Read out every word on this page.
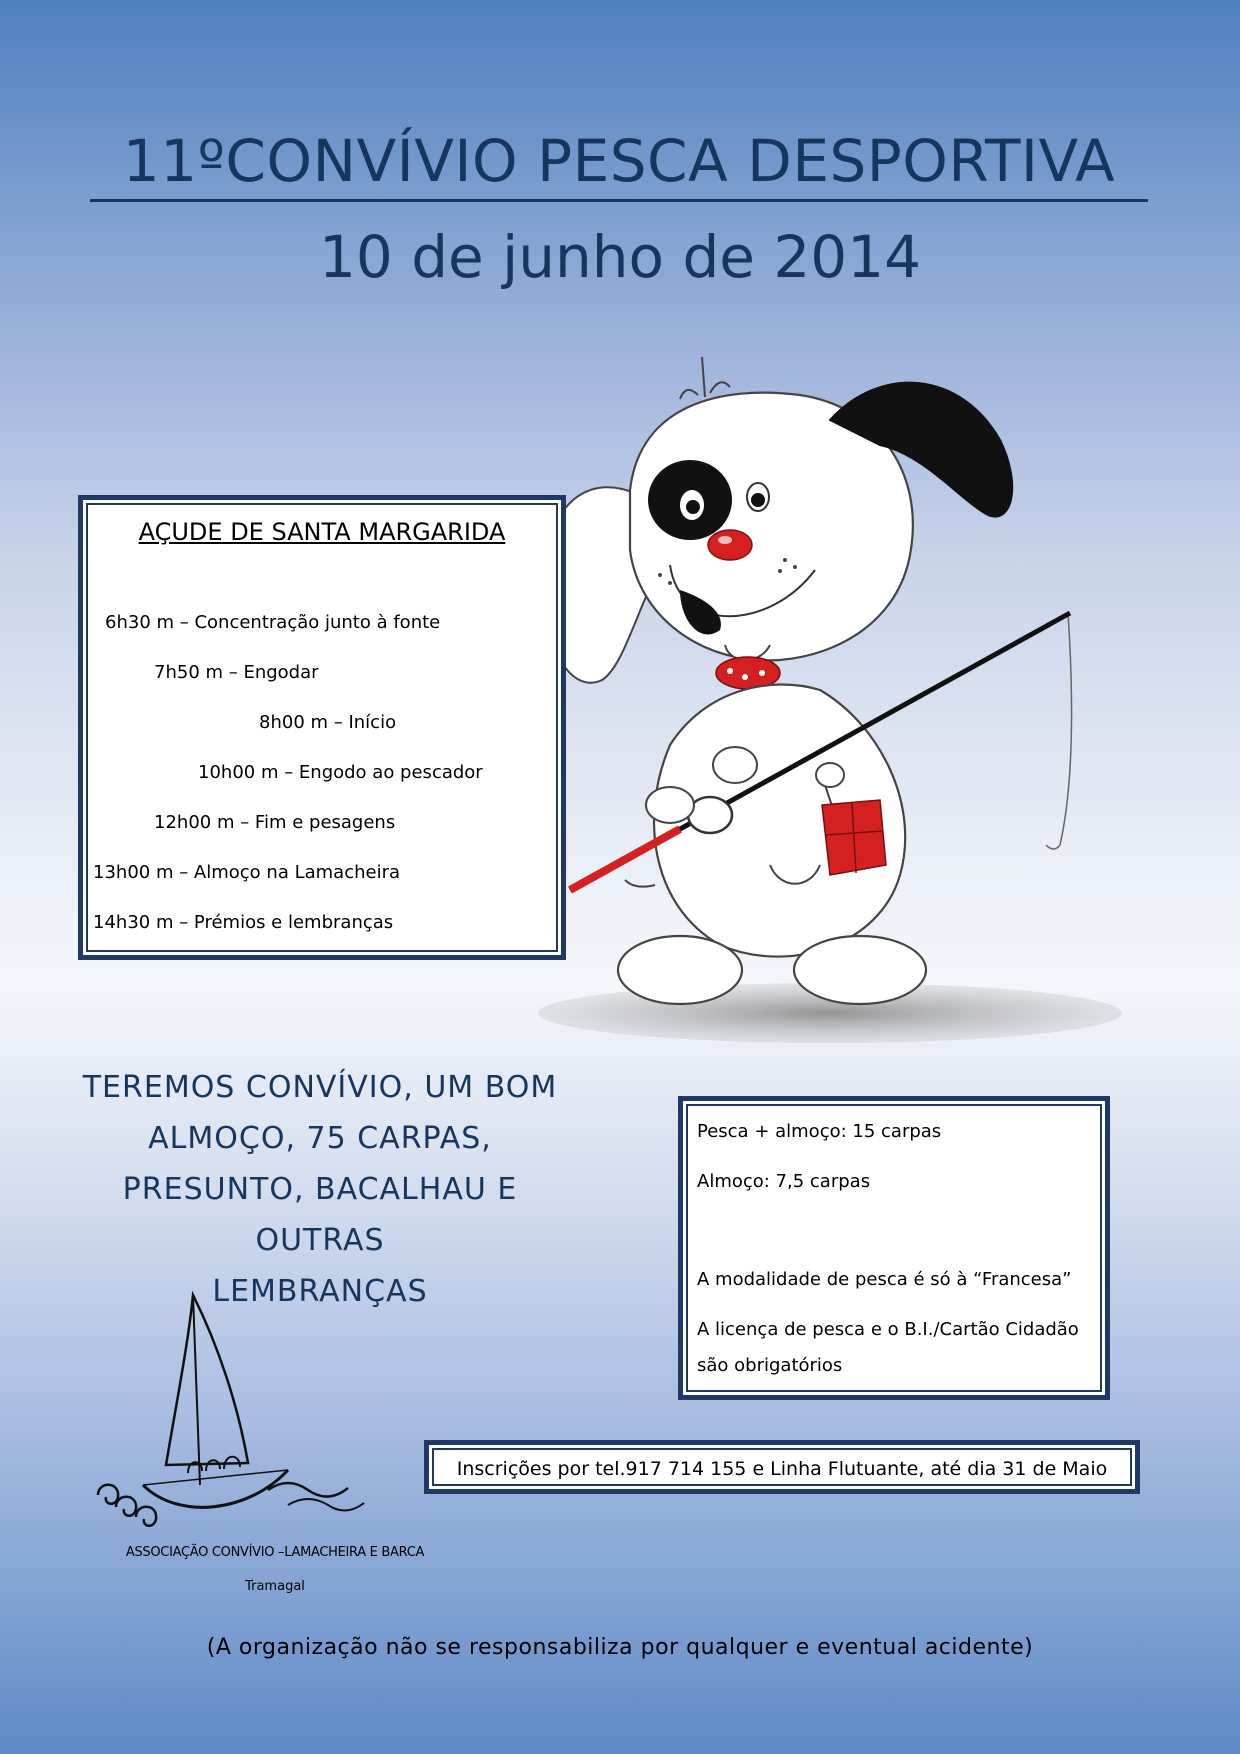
11ºCONVÍVIO PESCA DESPORTIVA
10 de junho de 2014
AÇUDE DE SANTA MARGARIDA
6h30 m – Concentração junto à fonte
7h50 m – Engodar
8h00 m – Início
10h00 m – Engodo ao pescador
12h00 m – Fim e pesagens
13h00 m – Almoço na Lamacheira
14h30 m – Prémios e lembranças
TEREMOS CONVÍVIO, UM BOM
ALMOÇO, 75 CARPAS,
PRESUNTO, BACALHAU E OUTRAS
LEMBRANÇAS
Pesca + almoço: 15 carpas
Almoço: 7,5 carpas
A modalidade de pesca é só à “Francesa”
A licença de pesca e o B.I./Cartão Cidadão
são obrigatórios
Inscrições por tel.917 714 155 e Linha Flutuante, até dia 31 de Maio
ASSOCIAÇÃO CONVÍVIO –LAMACHEIRA E BARCA
Tramagal
(A organização não se responsabiliza por qualquer e eventual acidente)
